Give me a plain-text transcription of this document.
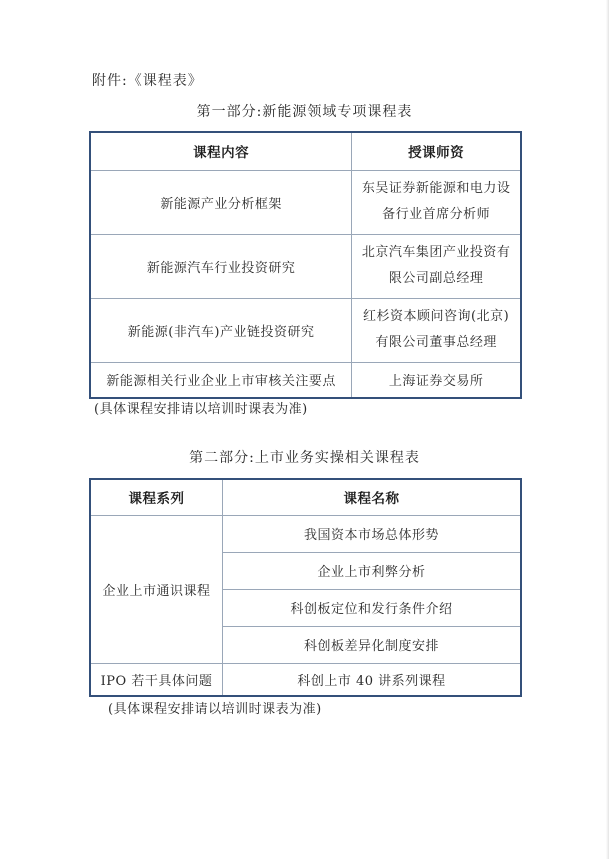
附件:《课程表》
第一部分:新能源领域专项课程表
课程内容	授课师资
新能源产业分析框架	东吴证券新能源和电力设
备行业首席分析师

新能源汽车行业投资研究	北京汽车集团产业投资有
限公司副总经理

新能源(非汽车)产业链投资研究	红杉资本顾问咨询(北京)
有限公司董事总经理

新能源相关行业企业上市审核关注要点	上海证券交易所
(具体课程安排请以培训时课表为准)
第二部分:上市业务实操相关课程表
课程系列	课程名称
企业上市通识课程	我国资本市场总体形势
	企业上市利弊分析
	科创板定位和发行条件介绍
	科创板差异化制度安排
IPO 若干具体问题	科创上市 40 讲系列课程
(具体课程安排请以培训时课表为准)
